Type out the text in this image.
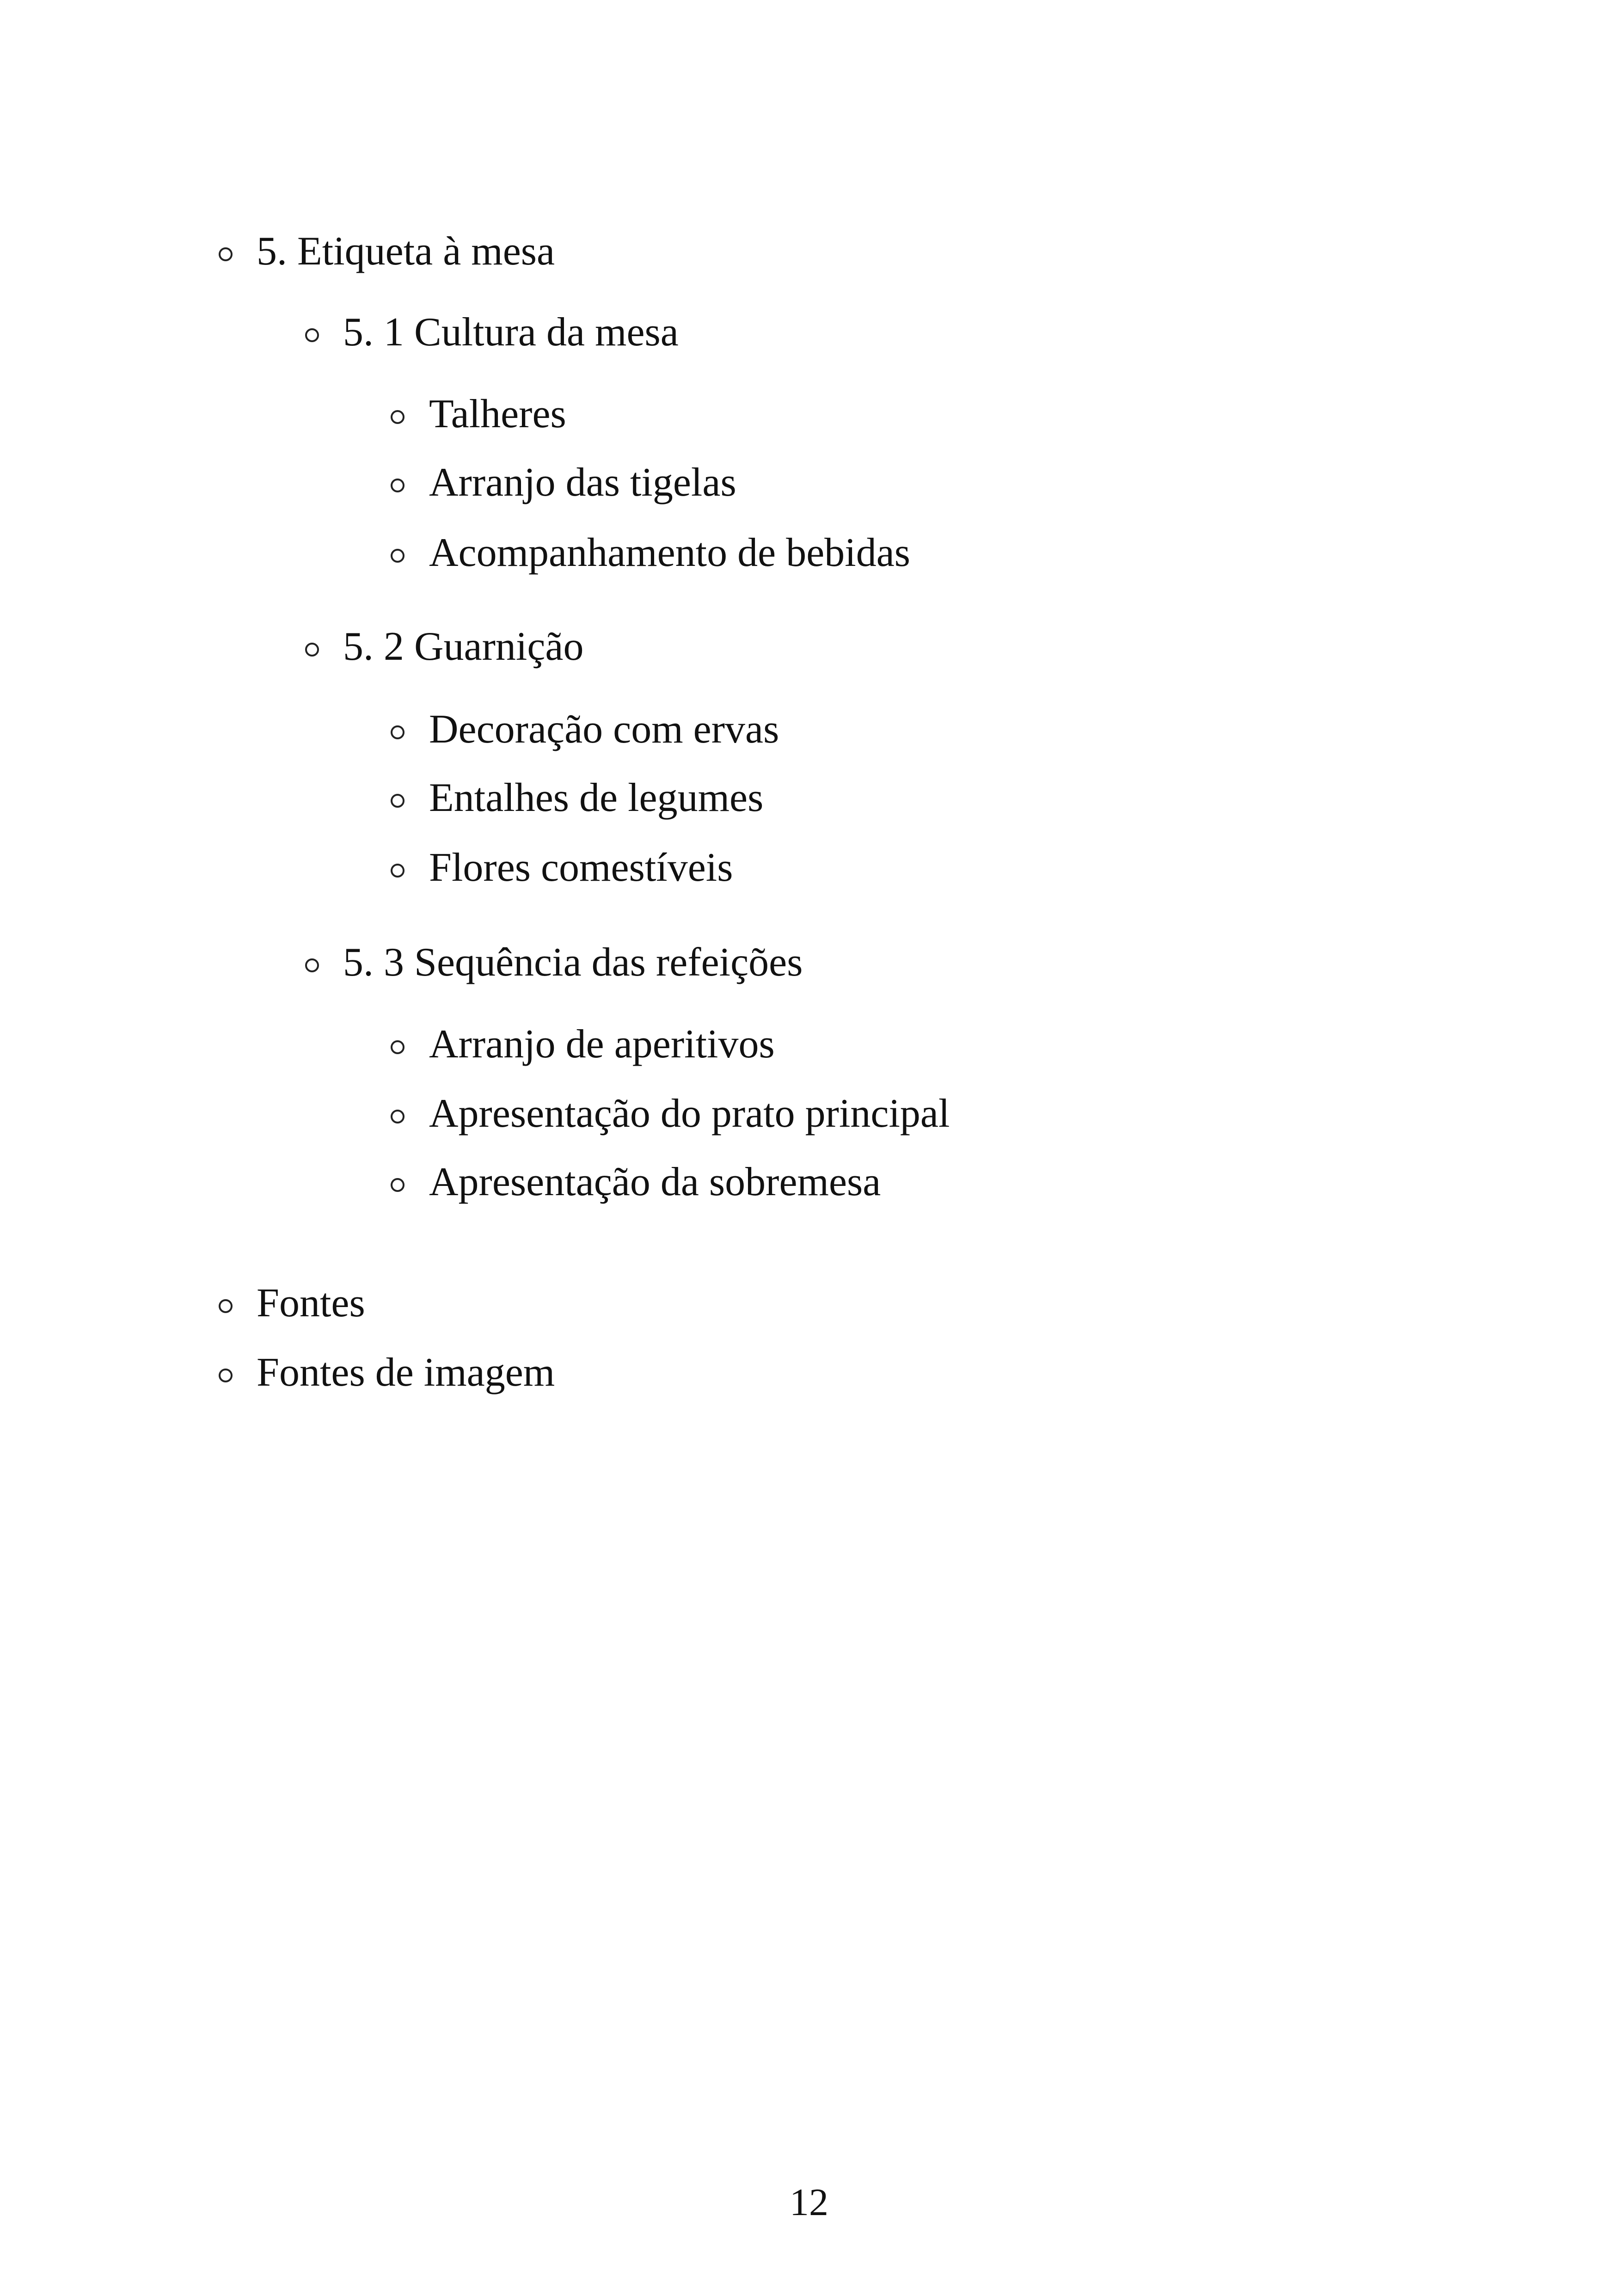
5. Etiqueta à mesa
5. 1 Cultura da mesa
Talheres
Arranjo das tigelas
Acompanhamento de bebidas
5. 2 Guarnição
Decoração com ervas
Entalhes de legumes
Flores comestíveis
5. 3 Sequência das refeições
Arranjo de aperitivos
Apresentação do prato principal
Apresentação da sobremesa
Fontes
Fontes de imagem
12
